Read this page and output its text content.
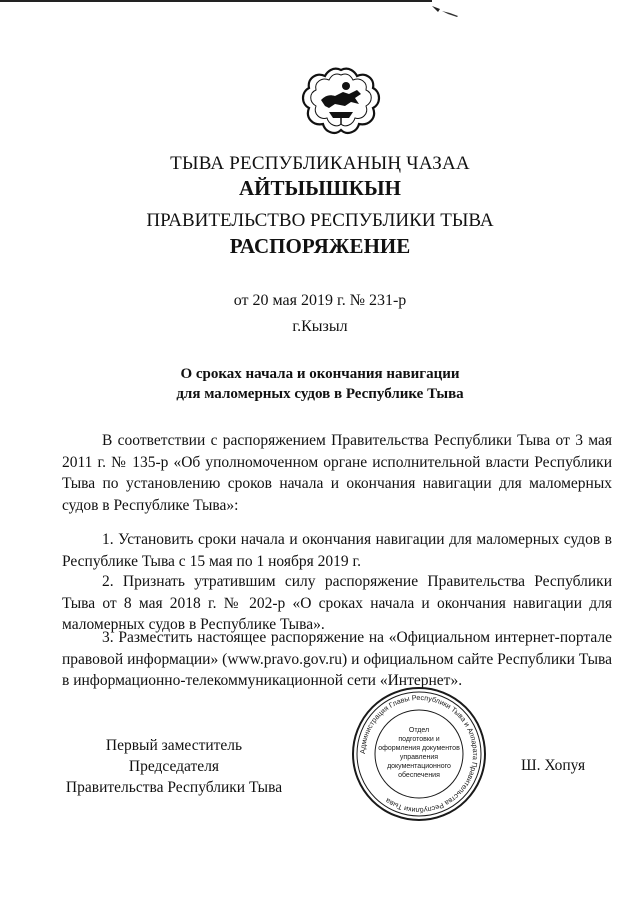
ТЫВА РЕСПУБЛИКАНЫҢ ЧАЗАА
АЙТЫЫШКЫН
ПРАВИТЕЛЬСТВО РЕСПУБЛИКИ ТЫВА
РАСПОРЯЖЕНИЕ
от 20 мая 2019 г. № 231-р
г.Кызыл
О сроках начала и окончания навигации
для маломерных судов в Республике Тыва

В соответствии с распоряжением Правительства Республики Тыва от 3 мая 2011 г. № 135-р «Об уполномоченном органе исполнительной власти Республики Тыва по установлению сроков начала и окончания навигации для маломерных судов в Республике Тыва»:

1. Установить сроки начала и окончания навигации для маломерных судов в Республике Тыва с 15 мая по 1 ноября 2019 г.

2. Признать утратившим силу распоряжение Правительства Республики Тыва от 8 мая 2018 г. № 202-р «О сроках начала и окончания навигации для маломерных судов в Республике Тыва».

3. Разместить настоящее распоряжение на «Официальном интернет-портале правовой информации» (www.pravo.gov.ru) и официальном сайте Республики Тыва в информационно-телекоммуникационной сети «Интернет».

Администрация Главы Республики Тыва и Аппарата Правительства Республики Тыва
Отдел
подготовки и
оформления документов
управления
документационного
обеспечения
Первый заместитель Председателя
Правительства Республики Тыва
Ш. Хопуя
